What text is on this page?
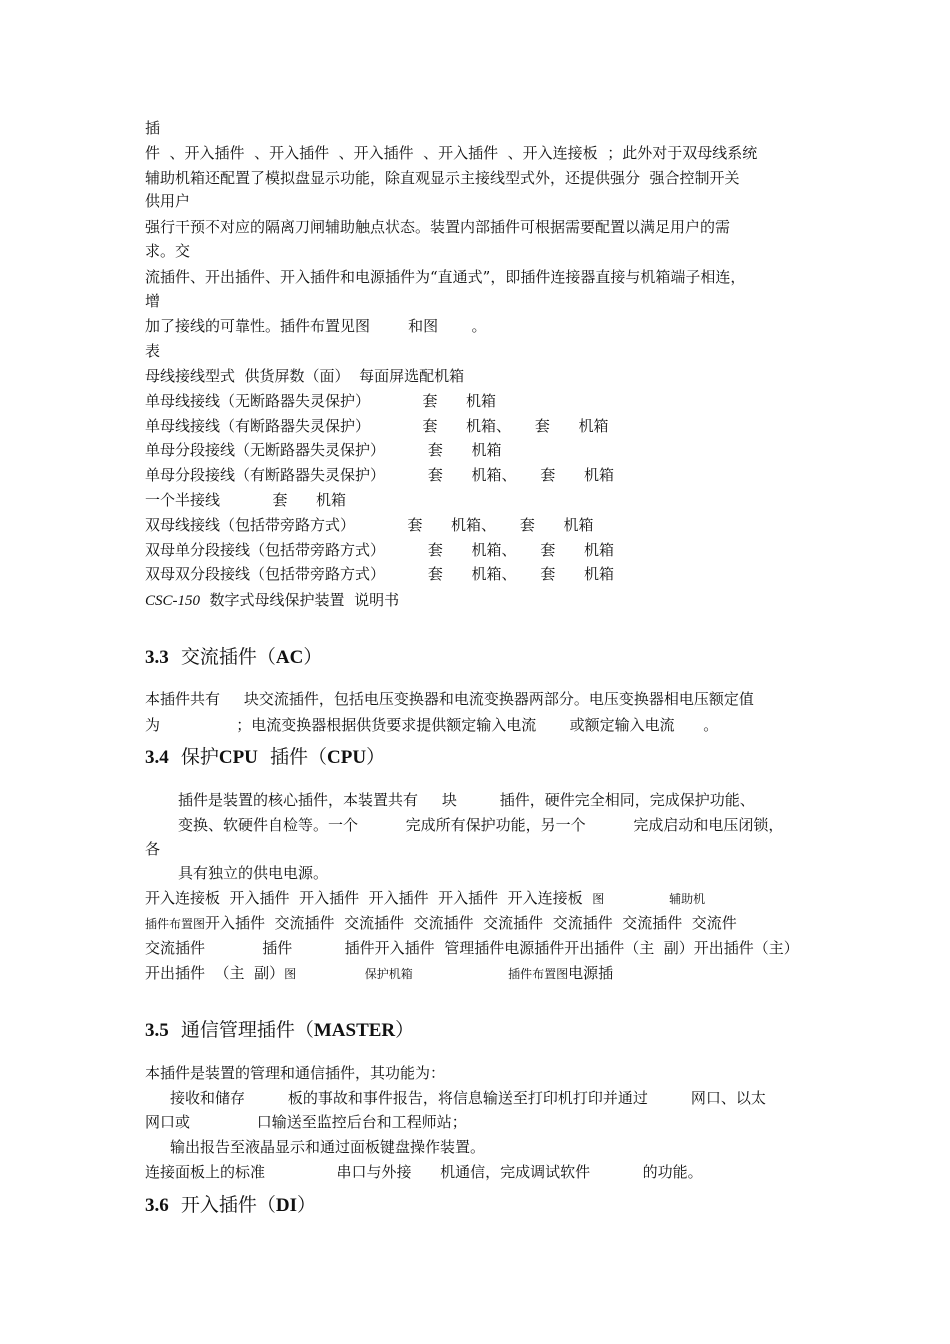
插
件  、开入插件  、开入插件  、开入插件  、开入插件  、开入连接板  ；此外对于双母线系统
辅助机箱还配置了模拟盘显示功能，除直观显示主接线型式外，还提供强分  强合控制开关
供用户
强行干预不对应的隔离刀闸辅助触点状态。装置内部插件可根据需要配置以满足用户的需
求。交
流插件、开出插件、开入插件和电源插件为“直通式”，即插件连接器直接与机箱端子相连，
增
加了接线的可靠性。插件布置见图        和图       。
表
母线接线型式  供货屏数（面）  每面屏选配机箱
单母线接线（无断路器失灵保护）           套      机箱
单母线接线（有断路器失灵保护）           套      机箱、     套      机箱
单母分段接线（无断路器失灵保护）         套      机箱
单母分段接线（有断路器失灵保护）         套      机箱、     套      机箱
一个半接线           套      机箱
双母线接线（包括带旁路方式）           套      机箱、     套      机箱
双母单分段接线（包括带旁路方式）         套      机箱、     套      机箱
双母双分段接线（包括带旁路方式）         套      机箱、     套      机箱
CSC-150  数字式母线保护装置  说明书
3.3 交流插件（AC）
本插件共有     块交流插件，包括电压变换器和电流变换器两部分。电压变换器相电压额定值
为                ；电流变换器根据供货要求提供额定输入电流       或额定输入电流      。
3.4 保护CPU  插件（CPU）
插件是装置的核心插件，本装置共有     块         插件，硬件完全相同，完成保护功能、
变换、软硬件自检等。一个          完成所有保护功能，另一个          完成启动和电压闭锁，
各
具有独立的供电电源。
开入连接板  开入插件  开入插件  开入插件  开入插件  开入连接板  图                 辅助机
插件布置图开入插件  交流插件  交流插件  交流插件  交流插件  交流插件  交流插件  交流件
交流插件            插件           插件开入插件  管理插件电源插件开出插件（主  副）开出插件（主）
开出插件  （主  副）图                  保护机箱                         插件布置图电源插
3.5 通信管理插件（MASTER）
本插件是装置的管理和通信插件，其功能为：
接收和储存         板的事故和事件报告，将信息输送至打印机打印并通过         网口、以太
网口或              口输送至监控后台和工程师站；
输出报告至液晶显示和通过面板键盘操作装置。
连接面板上的标准               串口与外接      机通信，完成调试软件           的功能。
3.6 开入插件（DI）
